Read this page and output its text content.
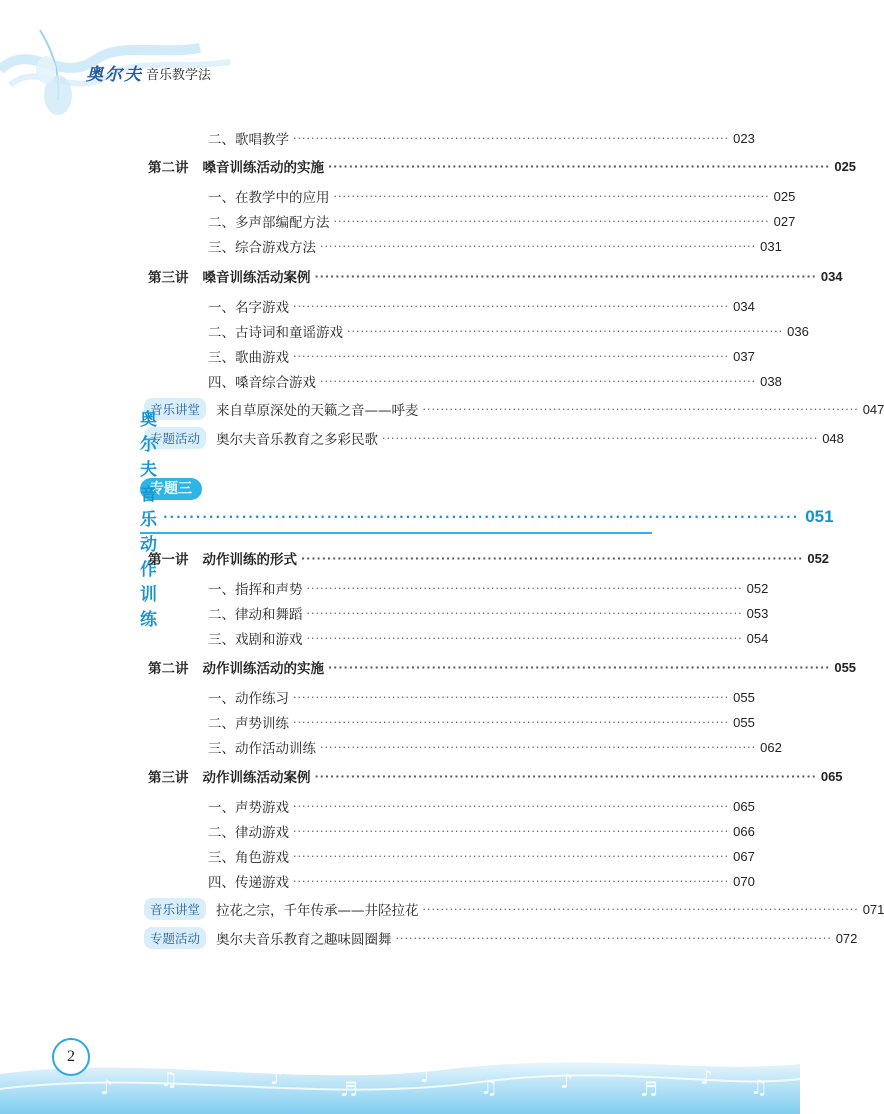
奥尔夫 音乐教学法
二、歌唱教学 ································································································· 023
第二讲 嗓音训练活动的实施 ································································································· 025
一、在教学中的应用 ································································································· 025
二、多声部编配方法 ································································································· 027
三、综合游戏方法 ································································································· 031
第三讲 嗓音训练活动案例 ································································································· 034
一、名字游戏 ································································································· 034
二、古诗词和童谣游戏 ································································································· 036
三、歌曲游戏 ································································································· 037
四、嗓音综合游戏 ································································································· 038
音乐讲堂	来自草原深处的天籁之音——呼麦 ································································································· 047
专题活动	奥尔夫音乐教育之多彩民歌 ································································································· 048
专题三
奥尔夫音乐动作训练
································································································· 051
第一讲 动作训练的形式 ································································································· 052
一、指挥和声势 ································································································· 052
二、律动和舞蹈 ································································································· 053
三、戏剧和游戏 ································································································· 054
第二讲 动作训练活动的实施 ································································································· 055
一、动作练习 ································································································· 055
二、声势训练 ································································································· 055
三、动作活动训练 ································································································· 062
第三讲 动作训练活动案例 ································································································· 065
一、声势游戏 ································································································· 065
二、律动游戏 ································································································· 066
三、角色游戏 ································································································· 067
四、传递游戏 ································································································· 070
音乐讲堂	拉花之宗，千年传承——井陉拉花 ································································································· 071
专题活动	奥尔夫音乐教育之趣味圆圈舞 ································································································· 072
♪ ♫	♪	♬
♩	♫	♪	♬ ♪ ♫
2
